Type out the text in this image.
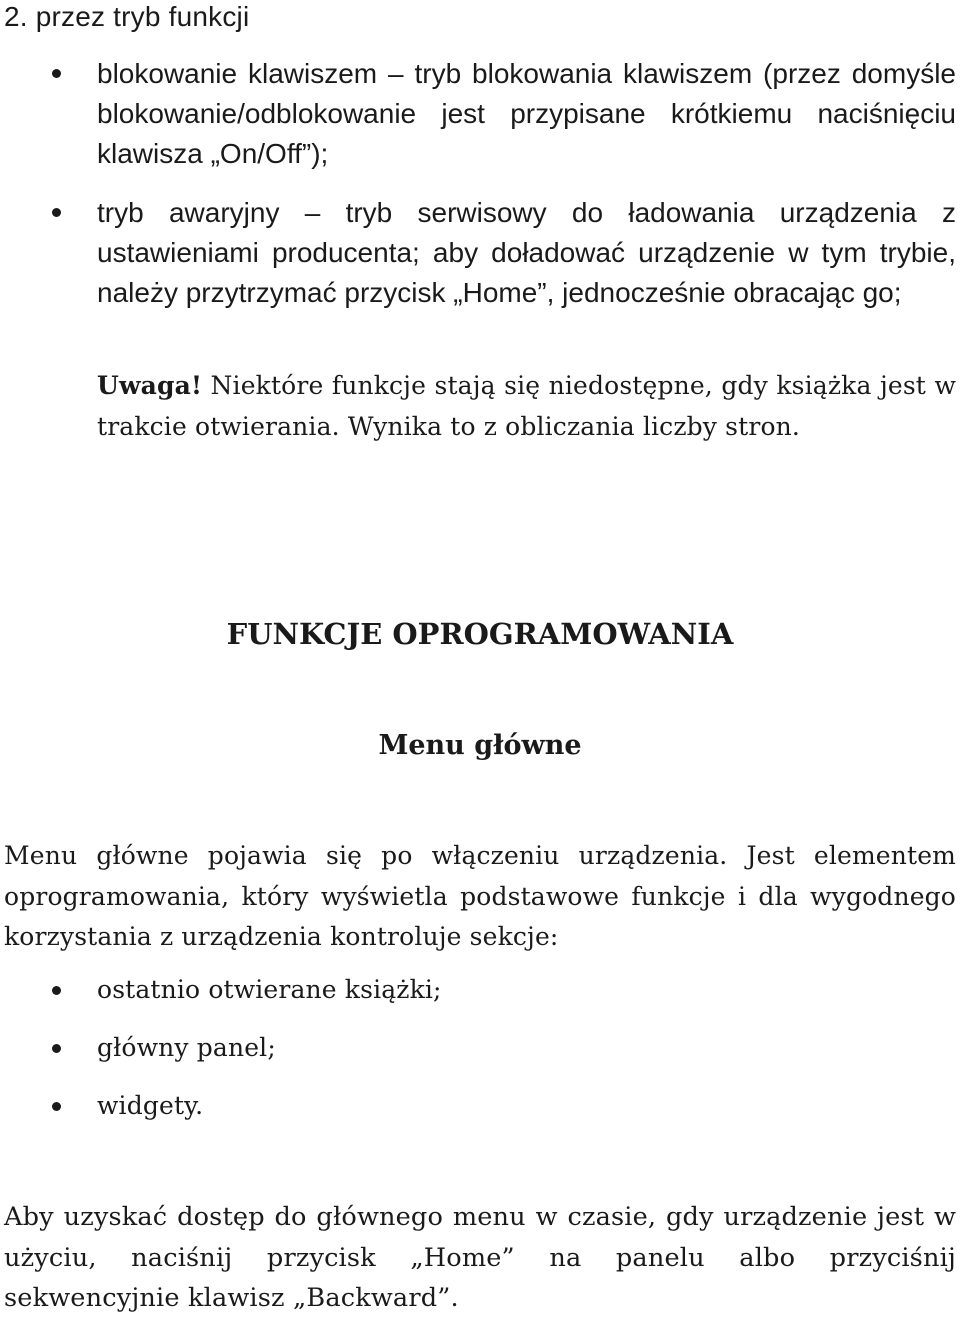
2. przez tryb funkcji
blokowanie klawiszem – tryb blokowania klawiszem (przez domyśle blokowanie/odblokowanie jest przypisane krótkiemu naciśnięciu klawisza „On/Off”);
tryb awaryjny – tryb serwisowy do ładowania urządzenia z ustawieniami producenta; aby doładować urządzenie w tym trybie, należy przytrzymać przycisk „Home”, jednocześnie obracając go;
Uwaga! Niektóre funkcje stają się niedostępne, gdy książka jest w trakcie otwierania. Wynika to z obliczania liczby stron.
FUNKCJE OPROGRAMOWANIA
Menu główne
Menu główne pojawia się po włączeniu urządzenia. Jest elementem oprogramowania, który wyświetla podstawowe funkcje i dla wygodnego korzystania z urządzenia kontroluje sekcje:
ostatnio otwierane książki;
główny panel;
widgety.
Aby uzyskać dostęp do głównego menu w czasie, gdy urządzenie jest w użyciu, naciśnij przycisk „Home” na panelu albo przyciśnij sekwencyjnie klawisz „Backward”.
